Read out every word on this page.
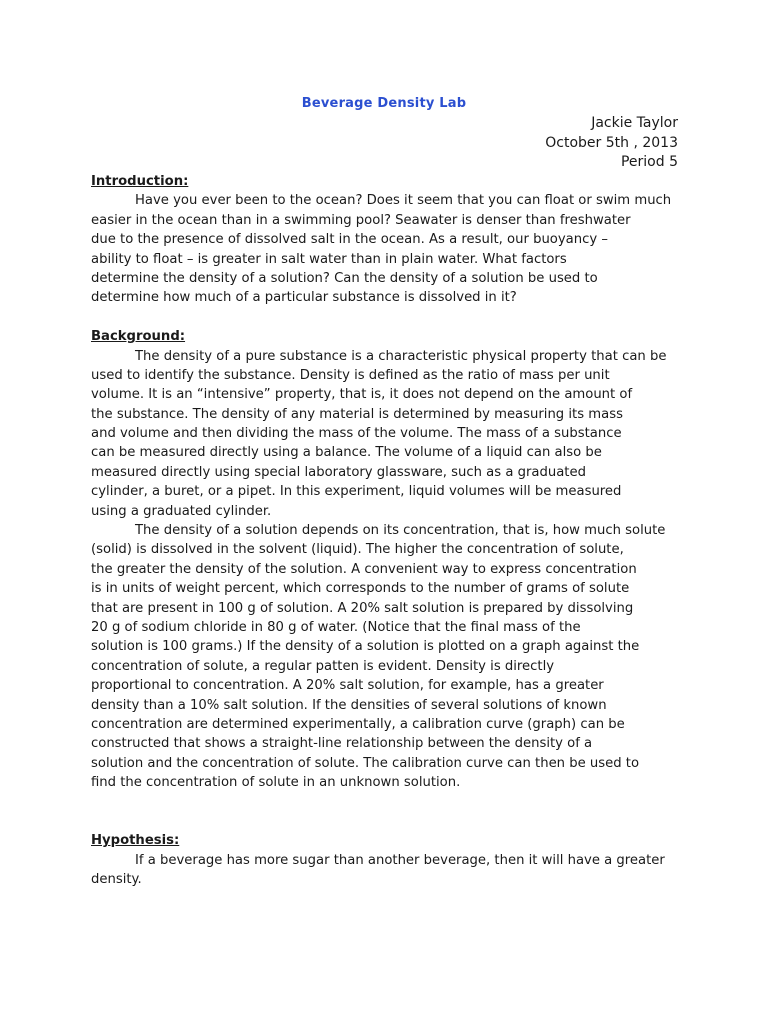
Beverage Density Lab
Jackie Taylor
October 5th , 2013
Period 5
Introduction:
Have you ever been to the ocean? Does it seem that you can float or swim much
easier in the ocean than in a swimming pool? Seawater is denser than freshwater
due to the presence of dissolved salt in the ocean. As a result, our buoyancy –
ability to float – is greater in salt water than in plain water. What factors
determine the density of a solution? Can the density of a solution be used to
determine how much of a particular substance is dissolved in it?
Background:
The density of a pure substance is a characteristic physical property that can be
used to identify the substance. Density is defined as the ratio of mass per unit
volume. It is an “intensive” property, that is, it does not depend on the amount of
the substance. The density of any material is determined by measuring its mass
and volume and then dividing the mass of the volume. The mass of a substance
can be measured directly using a balance. The volume of a liquid can also be
measured directly using special laboratory glassware, such as a graduated
cylinder, a buret, or a pipet. In this experiment, liquid volumes will be measured
using a graduated cylinder.
The density of a solution depends on its concentration, that is, how much solute
(solid) is dissolved in the solvent (liquid). The higher the concentration of solute,
the greater the density of the solution. A convenient way to express concentration
is in units of weight percent, which corresponds to the number of grams of solute
that are present in 100 g of solution. A 20% salt solution is prepared by dissolving
20 g of sodium chloride in 80 g of water. (Notice that the final mass of the
solution is 100 grams.) If the density of a solution is plotted on a graph against the
concentration of solute, a regular patten is evident. Density is directly
proportional to concentration. A 20% salt solution, for example, has a greater
density than a 10% salt solution. If the densities of several solutions of known
concentration are determined experimentally, a calibration curve (graph) can be
constructed that shows a straight-line relationship between the density of a
solution and the concentration of solute. The calibration curve can then be used to
find the concentration of solute in an unknown solution.
Hypothesis:
If a beverage has more sugar than another beverage, then it will have a greater
density.
